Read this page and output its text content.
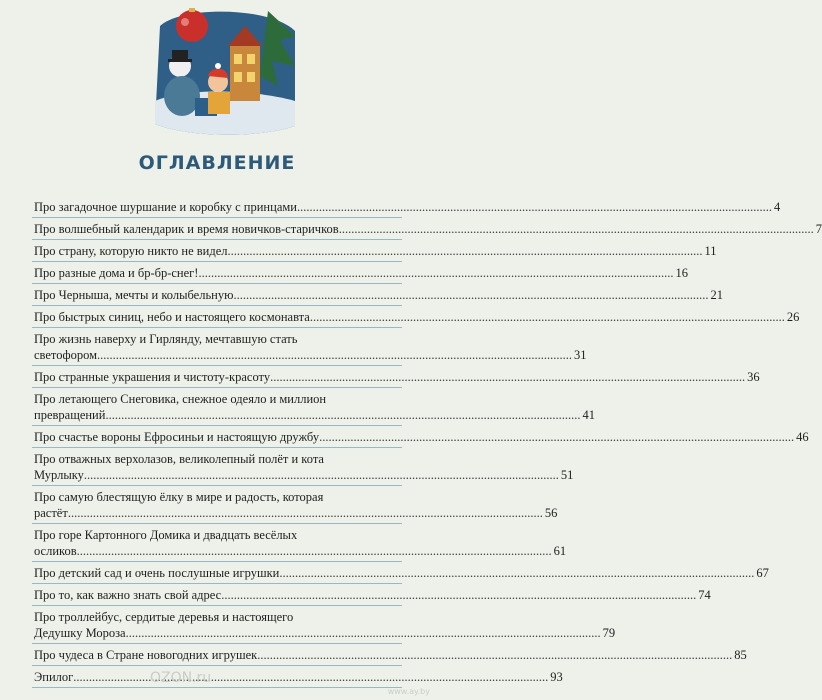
ОГЛАВЛЕНИЕ
Про загадочное шуршание и коробку с принцами .....	4
Про волшебный календарик и время новичков-старичков .....	7
Про страну, которую никто не видел .....	11
Про разные дома и бр-бр-снег! .....	16
Про Черныша, мечты и колыбельную .....	21
Про быстрых синиц, небо и настоящего космонавта .....	26
Про жизнь наверху и Гирлянду, мечтавшую стать
светофором .....	31
Про странные украшения и чистоту-красоту .....	36
Про летающего Снеговика, снежное одеяло и миллион
превращений .....	41
Про счастье вороны Ефросиньи и настоящую дружбу .....	46
Про отважных верхолазов, великолепный полёт и кота
Мурлыку .....	51
Про самую блестящую ёлку в мире и радость, которая
растёт .....	56
Про горе Картонного Домика и двадцать весёлых
осликов .....	61
Про детский сад и очень послушные игрушки .....	67
Про то, как важно знать свой адрес .....	74
Про троллейбус, сердитые деревья и настоящего
Дедушку Мороза .....	79
Про чудеса в Стране новогодних игрушек .....	85
Эпилог .....	93
OZON.ru
www.ay.by
